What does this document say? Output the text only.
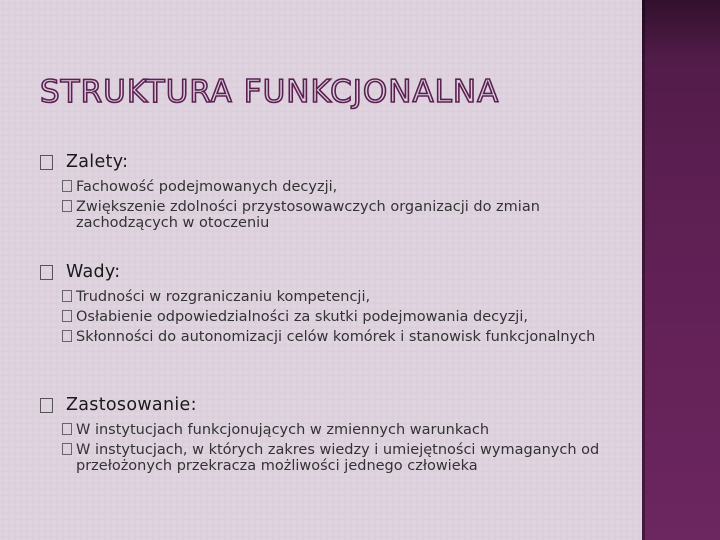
STRUKTURA FUNKCJONALNA
Zalety:
Fachowość podejmowanych decyzji,
Zwiększenie zdolności przystosowawczych organizacji do zmian zachodzących w otoczeniu
Wady:
Trudności w rozgraniczaniu kompetencji,
Osłabienie odpowiedzialności za skutki podejmowania decyzji,
Skłonności do autonomizacji celów komórek i stanowisk funkcjonalnych
Zastosowanie:
W instytucjach funkcjonujących w zmiennych warunkach
W instytucjach, w których zakres wiedzy i umiejętności wymaganych od przełożonych przekracza możliwości jednego człowieka
